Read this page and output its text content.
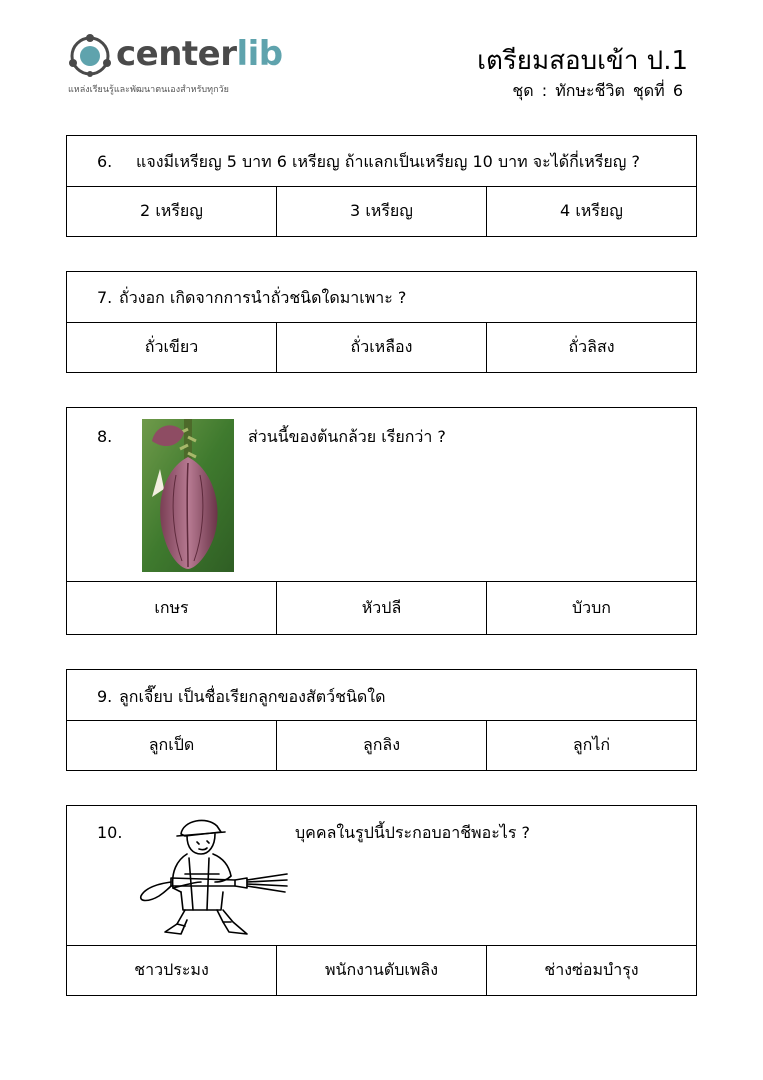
centerlib
แหล่งเรียนรู้และพัฒนาตนเองสำหรับทุกวัย
เตรียมสอบเข้า ป.1
ชุด : ทักษะชีวิต ชุดที่ 6
6. แจงมีเหรียญ 5 บาท 6 เหรียญ ถ้าแลกเป็นเหรียญ 10 บาท จะได้กี่เหรียญ ?
2 เหรียญ	3 เหรียญ	4 เหรียญ
7. ถั่วงอก เกิดจากการนำถั่วชนิดใดมาเพาะ ?
ถั่วเขียว	ถั่วเหลือง	ถั่วลิสง
8.	ส่วนนี้ของต้นกล้วย เรียกว่า ?
เกษร	หัวปลี	บัวบก
9. ลูกเจี๊ยบ เป็นชื่อเรียกลูกของสัตว์ชนิดใด
ลูกเป็ด	ลูกลิง	ลูกไก่
10.	บุคคลในรูปนี้ประกอบอาชีพอะไร ?
ชาวประมง	พนักงานดับเพลิง	ช่างซ่อมบำรุง
